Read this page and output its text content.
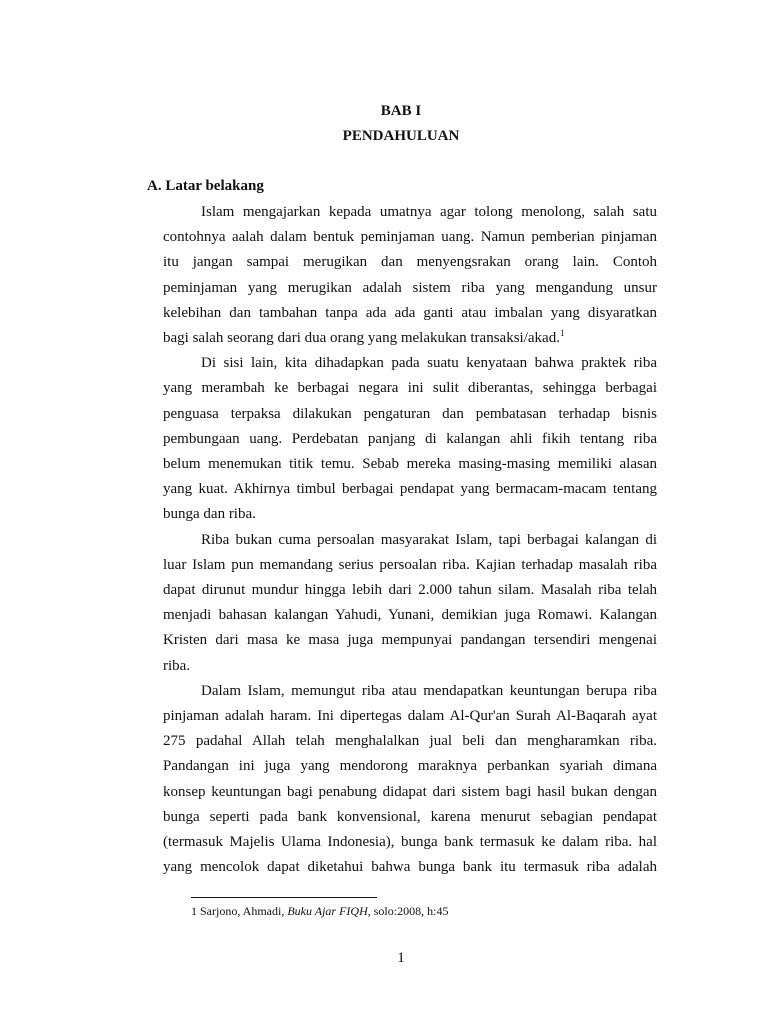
BAB I
PENDAHULUAN
A. Latar belakang
Islam mengajarkan kepada umatnya agar tolong menolong, salah satu
contohnya aalah dalam bentuk peminjaman uang. Namun pemberian pinjaman
itu jangan sampai merugikan dan menyengsrakan orang lain. Contoh
peminjaman yang merugikan adalah sistem riba yang mengandung unsur
kelebihan dan tambahan tanpa ada ada ganti atau imbalan yang disyaratkan
bagi salah seorang dari dua orang yang melakukan transaksi/akad.$^1$
Di sisi lain, kita dihadapkan pada suatu kenyataan bahwa praktek riba
yang merambah ke berbagai negara ini sulit diberantas, sehingga berbagai
penguasa terpaksa dilakukan pengaturan dan pembatasan terhadap bisnis
pembungaan uang. Perdebatan panjang di kalangan ahli fikih tentang riba
belum menemukan titik temu. Sebab mereka masing-masing memiliki alasan
yang kuat. Akhirnya timbul berbagai pendapat yang bermacam-macam tentang
bunga dan riba.
Riba bukan cuma persoalan masyarakat Islam, tapi berbagai kalangan di
luar Islam pun memandang serius persoalan riba. Kajian terhadap masalah riba
dapat dirunut mundur hingga lebih dari 2.000 tahun silam. Masalah riba telah
menjadi bahasan kalangan Yahudi, Yunani, demikian juga Romawi. Kalangan
Kristen dari masa ke masa juga mempunyai pandangan tersendiri mengenai
riba.
Dalam Islam, memungut riba atau mendapatkan keuntungan berupa riba
pinjaman adalah haram. Ini dipertegas dalam Al-Qur'an Surah Al-Baqarah ayat
275 padahal Allah telah menghalalkan jual beli dan mengharamkan riba.
Pandangan ini juga yang mendorong maraknya perbankan syariah dimana
konsep keuntungan bagi penabung didapat dari sistem bagi hasil bukan dengan
bunga seperti pada bank konvensional, karena menurut sebagian pendapat
(termasuk Majelis Ulama Indonesia), bunga bank termasuk ke dalam riba. hal
yang mencolok dapat diketahui bahwa bunga bank itu termasuk riba adalah
1 Sarjono, Ahmadi, Buku Ajar FIQH, solo:2008, h:45
1
